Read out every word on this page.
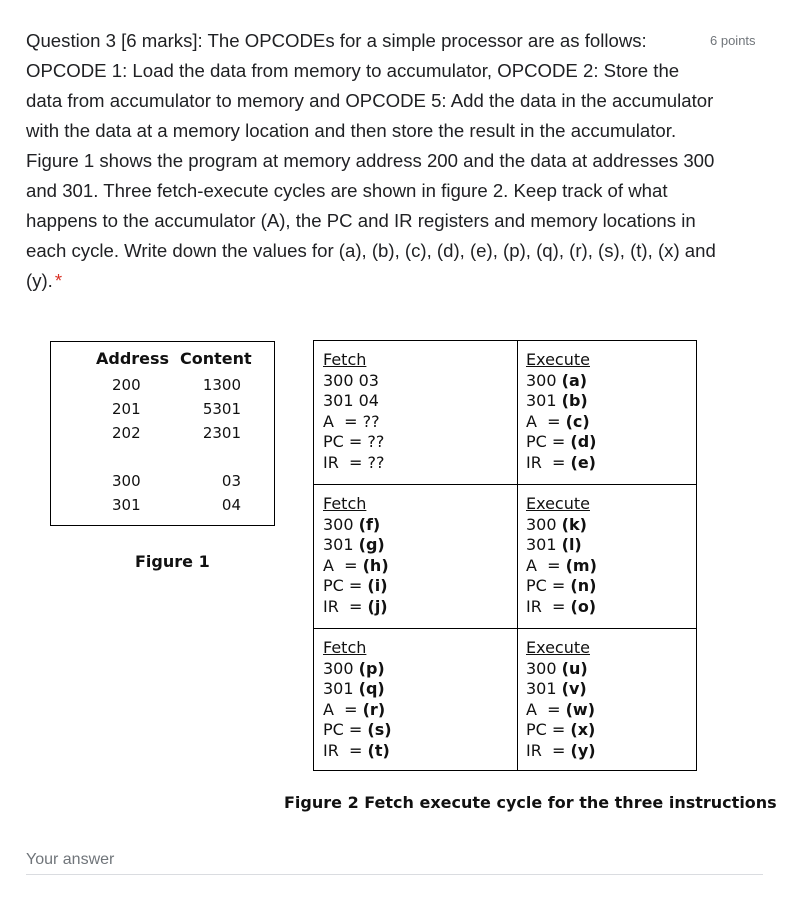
Question 3 [6 marks]: The OPCODEs for a simple processor are as follows: OPCODE 1: Load the data from memory to accumulator, OPCODE 2: Store the data from accumulator to memory and OPCODE 5: Add the data in the accumulator with the data at a memory location and then store the result in the accumulator. Figure 1 shows the program at memory address 200 and the data at addresses 300 and 301. Three fetch-execute cycles are shown in figure 2. Keep track of what happens to the accumulator (A), the PC and IR registers and memory locations in each cycle. Write down the values for (a), (b), (c), (d), (e), (p), (q), (r), (s), (t), (x) and (y). *
6 points
Address Content
200	1300
201	5301
202	2301
300	03
301	04
Figure 1
Fetch
300 03
301 04
A  = ??
PC = ??
IR  = ??
Execute
300 (a)
301 (b)
A  = (c)
PC = (d)
IR  = (e)
Fetch
300 (f)
301 (g)
A  = (h)
PC = (i)
IR  = (j)
Execute
300 (k)
301 (l)
A  = (m)
PC = (n)
IR  = (o)
Fetch
300 (p)
301 (q)
A  = (r)
PC = (s)
IR  = (t)
Execute
300 (u)
301 (v)
A  = (w)
PC = (x)
IR  = (y)
Figure 2 Fetch execute cycle for the three instructions
Your answer
